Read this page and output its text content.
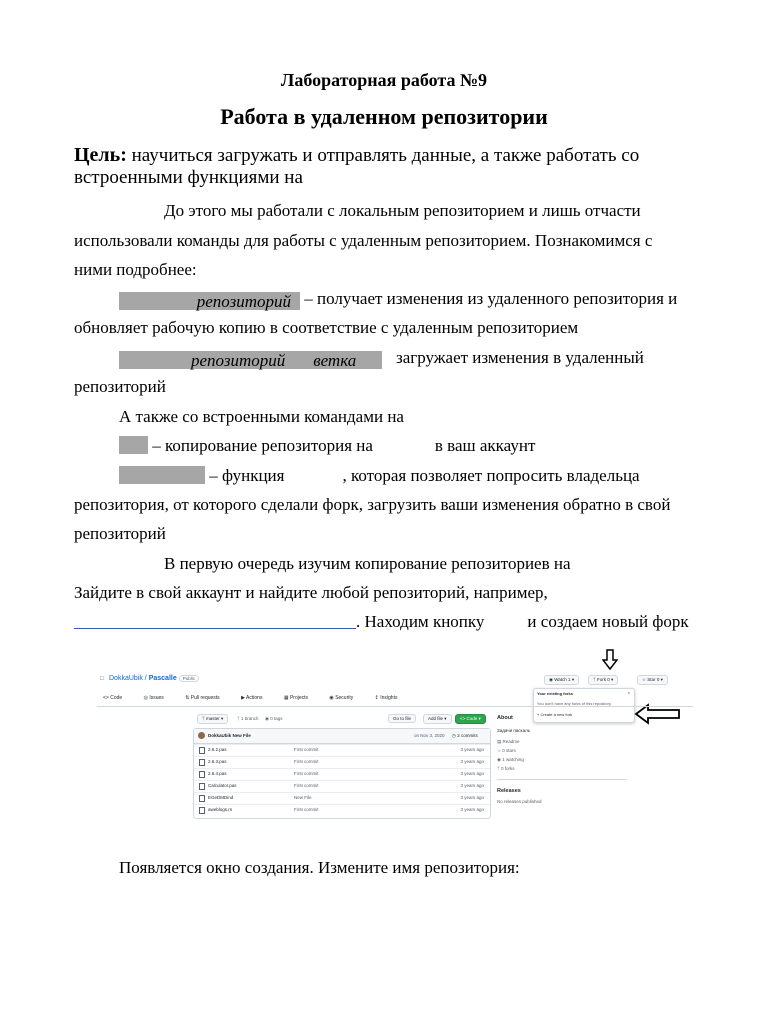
Лабораторная работа №9
Работа в удаленном репозитории
Цель: научиться загружать и отправлять данные, а также работать со
встроенными функциями на
До этого мы работали с локальным репозиторием и лишь отчасти
использовали команды для работы с удаленным репозиторием. Познакомимся с
ними подробнее:
репозиторий – получает изменения из удаленного репозитория и
обновляет рабочую копию в соответствие с удаленным репозиторием
репозиторий ветка загружает изменения в удаленный
репозиторий
А также со встроенными командами на
– копирование репозитория на	в ваш аккаунт
– функция	, которая позволяет попросить владельца
репозитория, от которого сделали форк, загрузить ваши изменения обратно в свой
репозиторий
В первую очередь изучим копирование репозиториев на
Зайдите в свой аккаунт и найдите любой репозиторий, например,
. Находим кнопку	и создаем новый форк
□ DokkaUbik / Pascalle Public	◉ Watch 1 ▾	ᛉ Fork 0 ▾	☆ Star 0 ▾
Your existing forks	×
You don't have any forks of this repository.
+ Create a new fork
<> Code	◎ Issues	⇅ Pull requests	▶ Actions	▦ Projects	◉ Security	↥ Insights
ᛉ master ▾	ᛉ 1 branch ◉ 0 tags	Go to file	Add file ▾	<> Code ▾
DokkaUbik New File	on Nov 3, 2020 ◷ 2 commits
2.6.2.pas	First commit	3 years ago
2.6.3.pas	First commit	3 years ago
2.6.4.pas	First commit	3 years ago
Calculator.pas	First commit	3 years ago
EGeDMDind	New File	3 years ago
aweblogs.rn	First commit	3 years ago
About
Задачи паскаль
▤ Readme
☆ 0 stars
◉ 1 watching
ᛉ 0 forks
Releases
No releases published
Появляется окно создания. Измените имя репозитория:
